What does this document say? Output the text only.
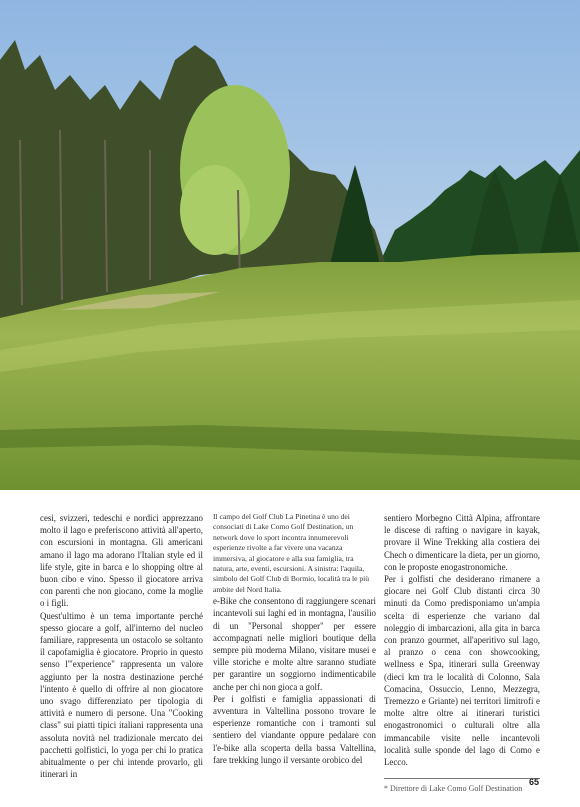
cesi, svizzeri, tedeschi e nordici apprezzano molto il lago e preferiscono attività all'aperto, con escursioni in montagna. Gli americani amano il lago ma adorano l'Italian style ed il life style, gite in barca e lo shopping oltre al buon cibo e vino. Spesso il giocatore arriva con parenti che non giocano, come la moglie o i figli.

Quest'ultimo è un tema importante perché spesso giocare a golf, all'interno del nucleo familiare, rappresenta un ostacolo se soltanto il capofamiglia è giocatore. Proprio in questo senso l'"experience" rappresenta un valore aggiunto per la nostra destinazione perché l'intento è quello di offrire al non giocatore uno svago differenziato per tipologia di attività e numero di persone. Una "Cooking class" sui piatti tipici italiani rappresenta una assoluta novità nel tradizionale mercato dei pacchetti golfistici, lo yoga per chi lo pratica abitualmente o per chi intende provarlo, gli itinerari in

Il campo del Golf Club La Pinetina è uno dei consociati di Lake Como Golf Destination, un network dove lo sport incontra innumerevoli esperienze rivolte a far vivere una vacanza immersiva, al giocatore e alla sua famiglia, tra natura, arte, eventi, escursioni. A sinistra: l'aquila, simbolo del Golf Club di Bormio, località tra le più ambite del Nord Italia.

e-Bike che consentono di raggiungere scenari incantevoli sui laghi ed in montagna, l'ausilio di un "Personal shopper" per essere accompagnati nelle migliori boutique della sempre più moderna Milano, visitare musei e ville storiche e molte altre saranno studiate per garantire un soggiorno indimenticabile anche per chi non gioca a golf.

Per i golfisti e famiglia appassionati di avventura in Valtellina possono trovare le esperienze romantiche con i tramonti sul sentiero del viandante oppure pedalare con l'e-bike alla scoperta della bassa Valtellina, fare trekking lungo il versante orobico del

sentiero Morbegno Città Alpina, affrontare le discese di rafting o navigare in kayak, provare il Wine Trekking alla costiera dei Chech o dimenticare la dieta, per un giorno, con le proposte enogastronomiche.

Per i golfisti che desiderano rimanere a giocare nei Golf Club distanti circa 30 minuti da Como predisponiamo un'ampia scelta di esperienze che variano dal noleggio di imbarcazioni, alla gita in barca con pranzo gourmet, all'aperitivo sul lago, al pranzo o cena con showcooking, wellness e Spa, itinerari sulla Greenway (dieci km tra le località di Colonno, Sala Comacina, Ossuccio, Lenno, Mezzegra, Tremezzo e Griante) nei territori limitrofi e molte altre oltre ai itinerari turistici enogastronomici o culturali oltre alla immancabile visite nelle incantevoli località sulle sponde del lago di Como e Lecco.

* Direttore di Lake Como Golf Destination

65
